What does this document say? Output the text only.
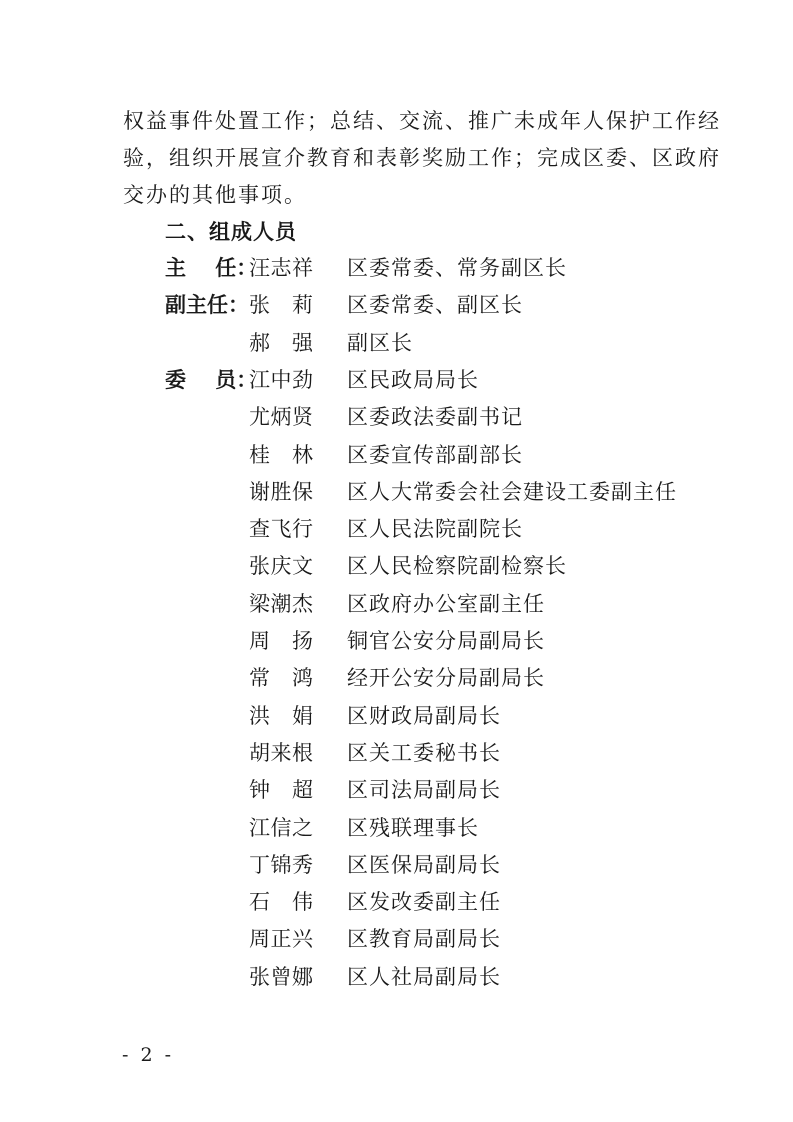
权益事件处置工作；总结、交流、推广未成年人保护工作经
验，组织开展宣介教育和表彰奖励工作；完成区委、区政府
交办的其他事项。
二、组成人员
主    任：
汪志祥 区委常委、常务副区长
副主任： 张 莉 区委常委、副区长
郝 强 副区长
委    员：
江中劲 区民政局局长
尤炳贤 区委政法委副书记
桂 林 区委宣传部副部长
谢胜保 区人大常委会社会建设工委副主任
查飞行 区人民法院副院长
张庆文 区人民检察院副检察长
梁潮杰 区政府办公室副主任
周 扬 铜官公安分局副局长
常 鸿 经开公安分局副局长
洪 娟 区财政局副局长
胡来根 区关工委秘书长
钟 超 区司法局副局长
江信之 区残联理事长
丁锦秀 区医保局副局长
石 伟 区发改委副主任
周正兴 区教育局副局长
张曾娜 区人社局副局长
- 2 -
